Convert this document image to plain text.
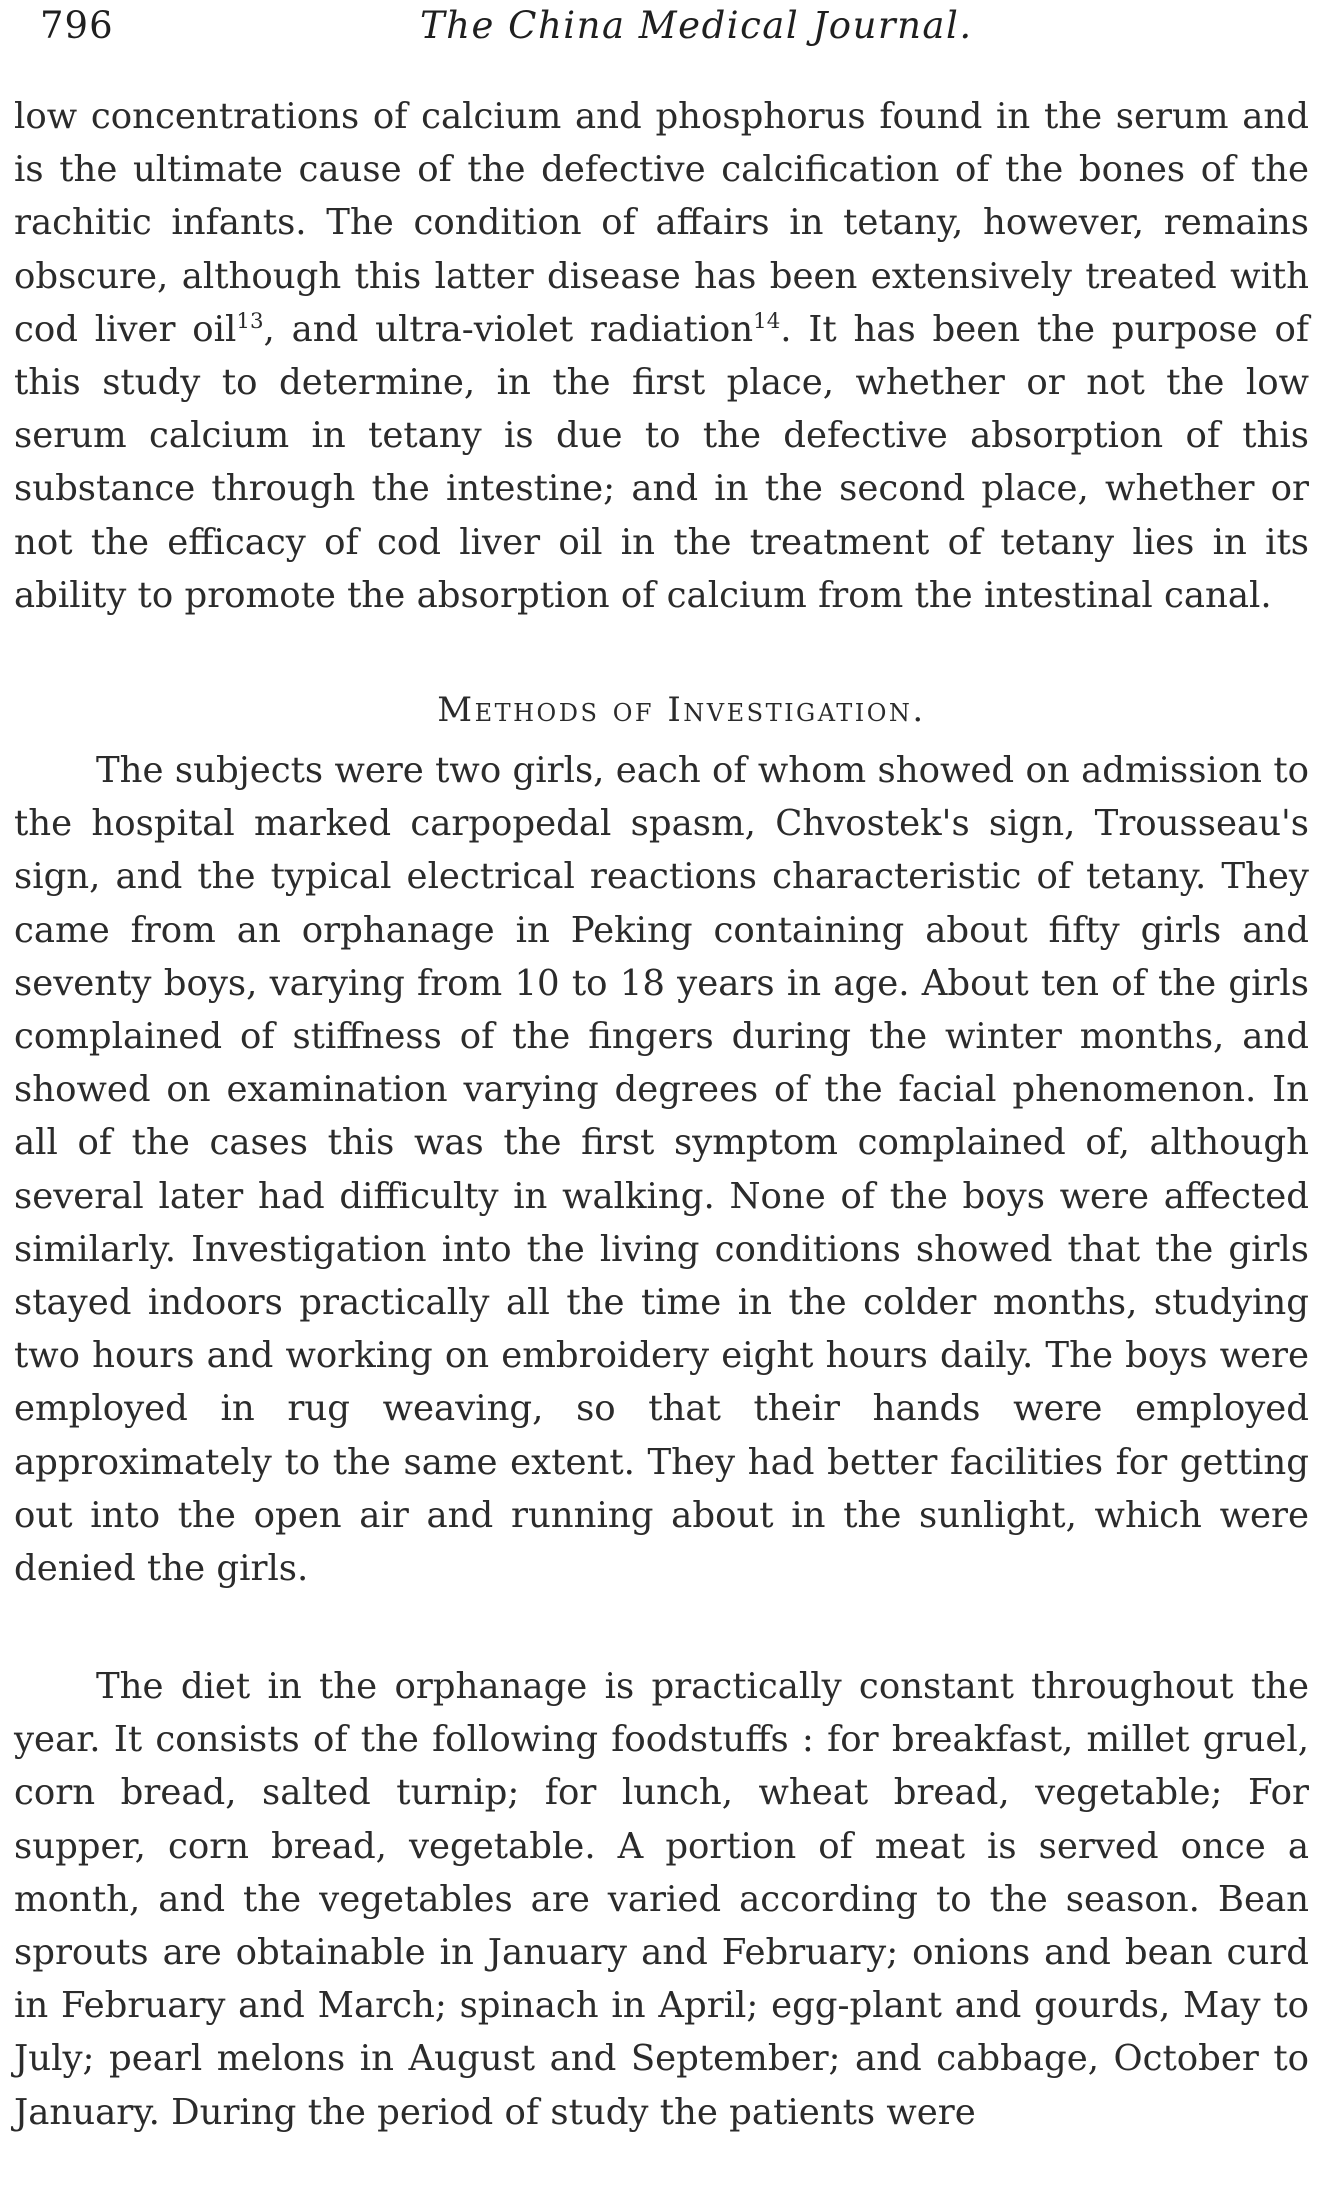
796	The China Medical Journal.

low concentrations of calcium and phosphorus found in the serum and is the ultimate cause of the defective calcification of the bones of the rachitic infants. The condition of affairs in tetany, however, remains obscure, although this latter disease has been extensively treated with cod liver oil$^{13}$, and ultra-violet radiation$^{14}$. It has been the purpose of this study to determine, in the first place, whether or not the low serum calcium in tetany is due to the defective absorption of this substance through the intestine; and in the second place, whether or not the efficacy of cod liver oil in the treatment of tetany lies in its ability to promote the absorption of calcium from the intestinal canal.

Methods of Investigation.

The subjects were two girls, each of whom showed on admission to the hospital marked carpopedal spasm, Chvostek's sign, Trousseau's sign, and the typical electrical reactions characteristic of tetany. They came from an orphanage in Peking containing about fifty girls and seventy boys, varying from 10 to 18 years in age. About ten of the girls complained of stiffness of the fingers during the winter months, and showed on examination varying degrees of the facial phenomenon. In all of the cases this was the first symptom complained of, although several later had difficulty in walking. None of the boys were affected similarly. Investigation into the living conditions showed that the girls stayed indoors practically all the time in the colder months, studying two hours and working on embroidery eight hours daily. The boys were employed in rug weaving, so that their hands were employed approximately to the same extent. They had better facilities for getting out into the open air and running about in the sunlight, which were denied the girls.

The diet in the orphanage is practically constant throughout the year. It consists of the following foodstuffs : for breakfast, millet gruel, corn bread, salted turnip; for lunch, wheat bread, vegetable; For supper, corn bread, vegetable. A portion of meat is served once a month, and the vegetables are varied according to the season. Bean sprouts are obtainable in January and February; onions and bean curd in February and March; spinach in April; egg-plant and gourds, May to July; pearl melons in August and September; and cabbage, October to January. During the period of study the patients were
